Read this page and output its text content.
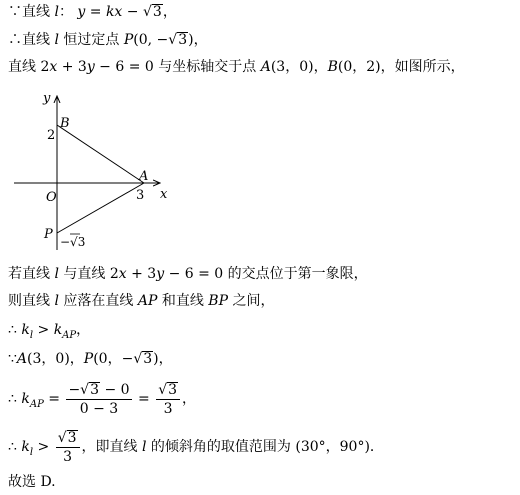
∵直线 l： y = kx − √3，
∴直线 l 恒过定点 P(0, −√3)，
直线 2x + 3y − 6 = 0 与坐标轴交于点 A(3，0)，B(0，2)，如图所示，
y
x
B
2
O
A
3
P −√3
若直线 l 与直线 2x + 3y − 6 = 0 的交点位于第一象限，
则直线 l 应落在直线 AP 和直线 BP 之间，
∴ $k_l > k_{AP}$，
∵A(3，0)，P(0，−√3)，
∴ $k_{AP} = \frac{-√3 - 0}{0 - 3} = \frac{√3}{3}$ ，
∴ $k_l > \frac{√3}{3}$ ，即直线 l 的倾斜角的取值范围为 (30°，90°)．
故选 D.
